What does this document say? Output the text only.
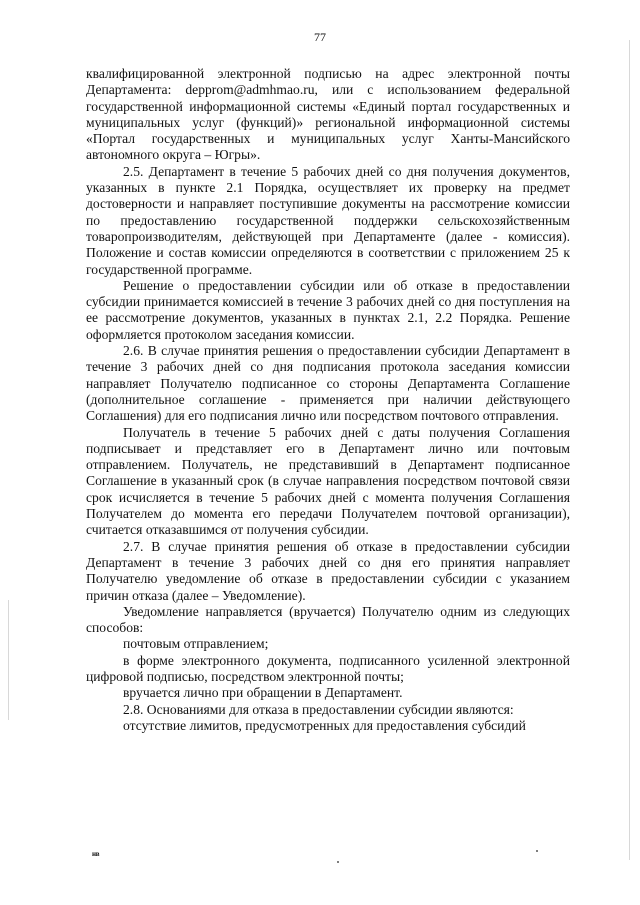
77

квалифицированной электронной подписью на адрес электронной почты Департамента: depprom@admhmao.ru, или с использованием федеральной государственной информационной системы «Единый портал государственных и муниципальных услуг (функций)» региональной информационной системы «Портал государственных и муниципальных услуг Ханты-Мансийского автономного округа – Югры».

2.5. Департамент в течение 5 рабочих дней со дня получения документов, указанных в пункте 2.1 Порядка, осуществляет их проверку на предмет достоверности и направляет поступившие документы на рассмотрение комиссии по предоставлению государственной поддержки сельскохозяйственным товаропроизводителям, действующей при Департаменте (далее - комиссия). Положение и состав комиссии определяются в соответствии с приложением 25 к государственной программе.

Решение о предоставлении субсидии или об отказе в предоставлении субсидии принимается комиссией в течение 3 рабочих дней со дня поступления на ее рассмотрение документов, указанных в пунктах 2.1, 2.2 Порядка. Решение оформляется протоколом заседания комиссии.

2.6. В случае принятия решения о предоставлении субсидии Департамент в течение 3 рабочих дней со дня подписания протокола заседания комиссии направляет Получателю подписанное со стороны Департамента Соглашение (дополнительное соглашение - применяется при наличии действующего Соглашения) для его подписания лично или посредством почтового отправления.

Получатель в течение 5 рабочих дней с даты получения Соглашения подписывает и представляет его в Департамент лично или почтовым отправлением. Получатель, не представивший в Департамент подписанное Соглашение в указанный срок (в случае направления посредством почтовой связи срок исчисляется в течение 5 рабочих дней с момента получения Соглашения Получателем до момента его передачи Получателем почтовой организации), считается отказавшимся от получения субсидии.

2.7. В случае принятия решения об отказе в предоставлении субсидии Департамент в течение 3 рабочих дней со дня его принятия направляет Получателю уведомление об отказе в предоставлении субсидии с указанием причин отказа (далее – Уведомление).

Уведомление направляется (вручается) Получателю одним из следующих способов:

почтовым отправлением;

в форме электронного документа, подписанного усиленной электронной цифровой подписью, посредством электронной почты;

вручается лично при обращении в Департамент.

2.8. Основаниями для отказа в предоставлении субсидии являются:

отсутствие лимитов, предусмотренных для предоставления субсидий

нв
